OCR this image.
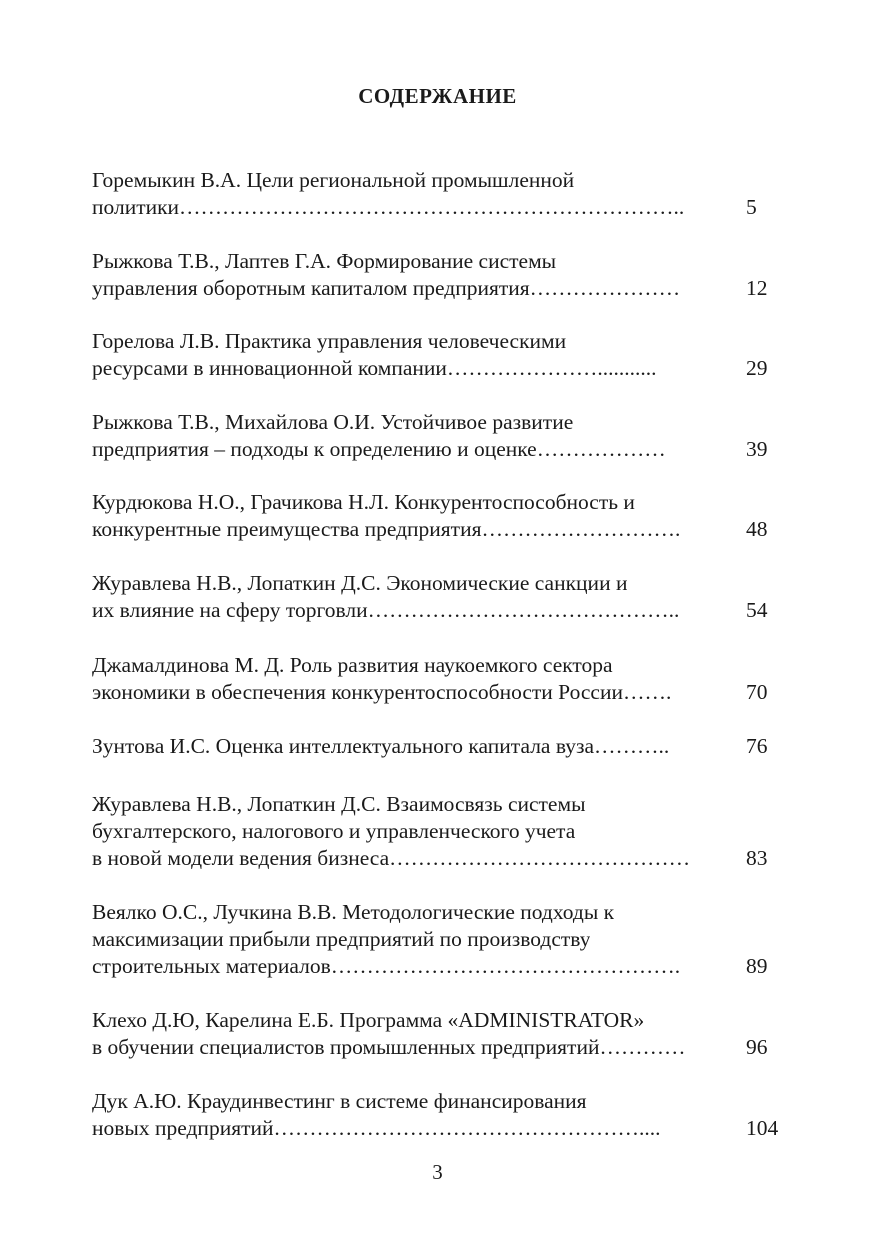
СОДЕРЖАНИЕ
Горемыкин В.А. Цели региональной промышленной
политики……………………………………………………………..	5
Рыжкова Т.В., Лаптев Г.А. Формирование системы
управления оборотным капиталом предприятия…………………	12
Горелова Л.В. Практика управления человеческими
ресурсами в инновационной компании…………………...........	29
Рыжкова Т.В., Михайлова О.И. Устойчивое развитие
предприятия – подходы к определению и оценке………………	39
Курдюкова Н.О., Грачикова Н.Л. Конкурентоспособность и
конкурентные преимущества предприятия……………………….	48
Журавлева Н.В., Лопаткин Д.С. Экономические санкции и
их влияние на сферу торговли……………………………………..	54
Джамалдинова М. Д. Роль развития наукоемкого сектора
экономики в обеспечения конкурентоспособности России…….	70
Зунтова И.С. Оценка интеллектуального капитала вуза………..	76
Журавлева Н.В., Лопаткин Д.С. Взаимосвязь системы
бухгалтерского, налогового и управленческого учета
в новой модели ведения бизнеса……………………………………	83
Веялко О.С., Лучкина В.В. Методологические подходы к
максимизации прибыли предприятий по производству
строительных материалов………………………………………….	89
Клехо Д.Ю, Карелина Е.Б. Программа «ADMINISTRATOR»
в обучении специалистов промышленных предприятий…………	96
Дук А.Ю. Краудинвестинг в системе финансирования
новых предприятий……………………………………………....	104
3
